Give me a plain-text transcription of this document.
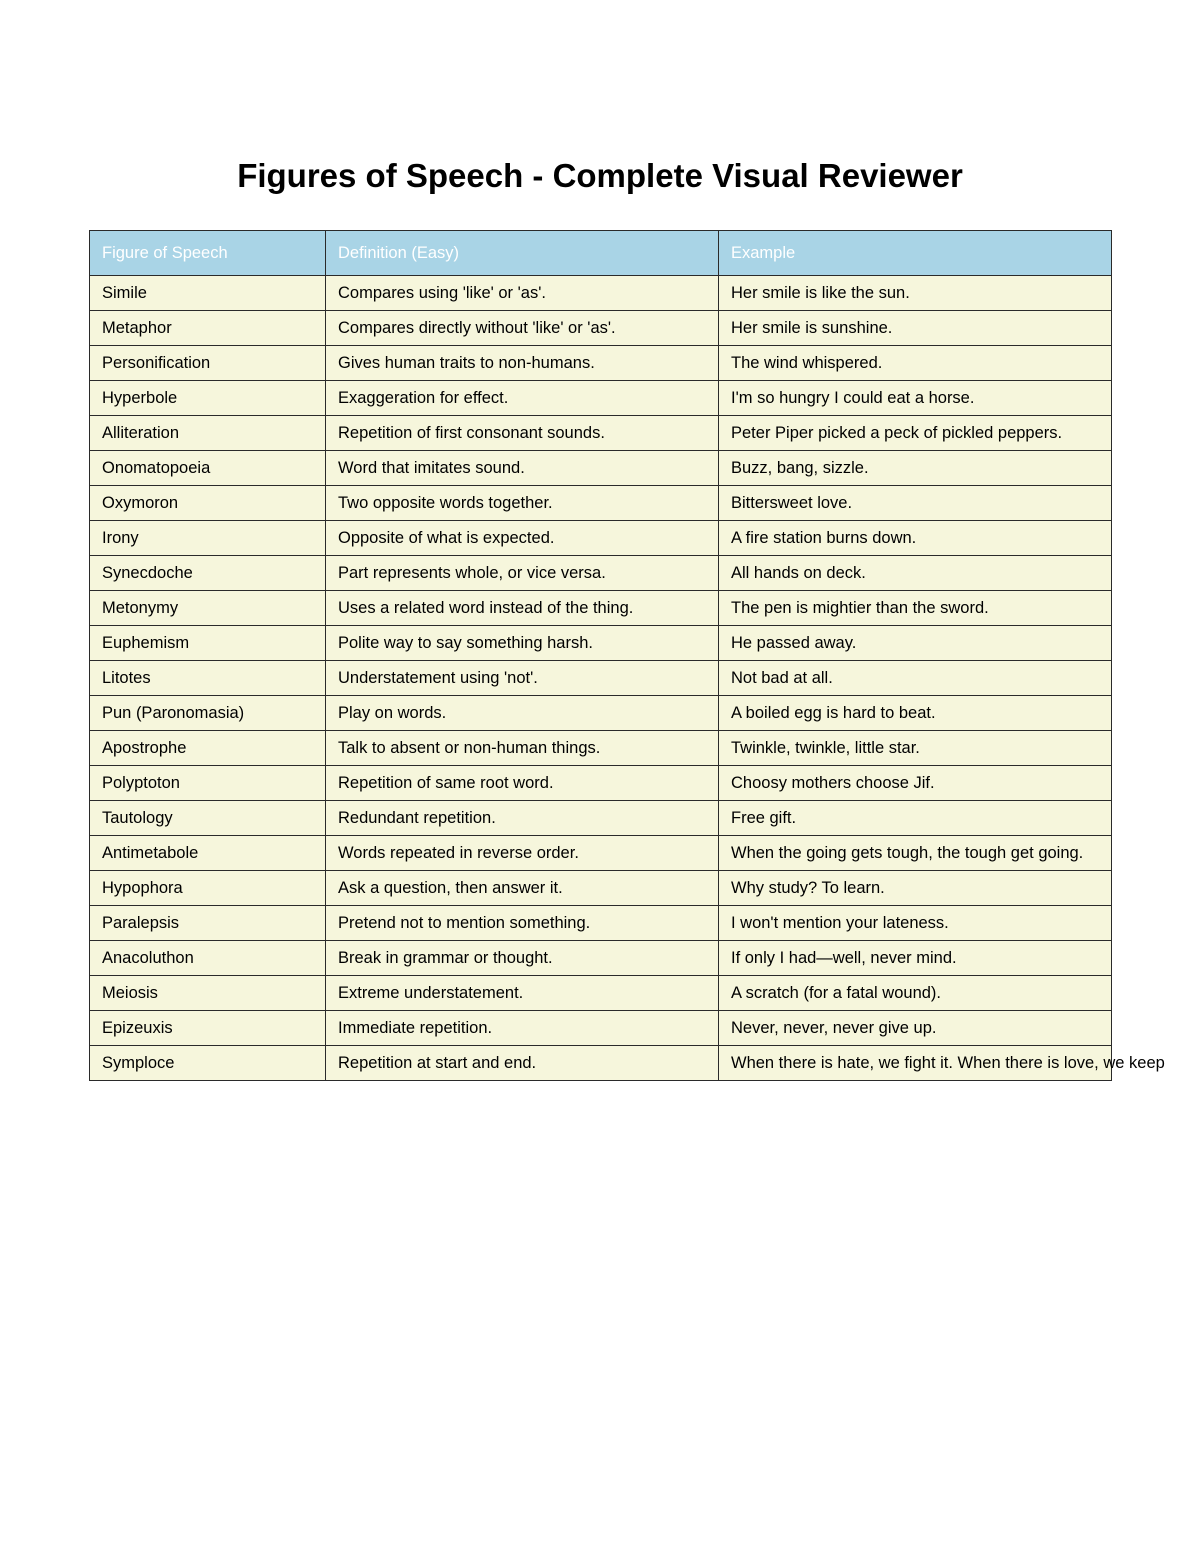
Figures of Speech - Complete Visual Reviewer
Figure of Speech	Definition (Easy)	Example
Simile	Compares using 'like' or 'as'.	Her smile is like the sun.
Metaphor	Compares directly without 'like' or 'as'.	Her smile is sunshine.
Personification	Gives human traits to non-humans.	The wind whispered.
Hyperbole	Exaggeration for effect.	I'm so hungry I could eat a horse.
Alliteration	Repetition of first consonant sounds.	Peter Piper picked a peck of pickled peppers.
Onomatopoeia	Word that imitates sound.	Buzz, bang, sizzle.
Oxymoron	Two opposite words together.	Bittersweet love.
Irony	Opposite of what is expected.	A fire station burns down.
Synecdoche	Part represents whole, or vice versa.	All hands on deck.
Metonymy	Uses a related word instead of the thing.	The pen is mightier than the sword.
Euphemism	Polite way to say something harsh.	He passed away.
Litotes	Understatement using 'not'.	Not bad at all.
Pun (Paronomasia)	Play on words.	A boiled egg is hard to beat.
Apostrophe	Talk to absent or non-human things.	Twinkle, twinkle, little star.
Polyptoton	Repetition of same root word.	Choosy mothers choose Jif.
Tautology	Redundant repetition.	Free gift.
Antimetabole	Words repeated in reverse order.	When the going gets tough, the tough get going.
Hypophora	Ask a question, then answer it.	Why study? To learn.
Paralepsis	Pretend not to mention something.	I won't mention your lateness.
Anacoluthon	Break in grammar or thought.	If only I had—well, never mind.
Meiosis	Extreme understatement.	A scratch (for a fatal wound).
Epizeuxis	Immediate repetition.	Never, never, never give up.
Symploce	Repetition at start and end.	When there is hate, we fight it. When there is love, we keep
